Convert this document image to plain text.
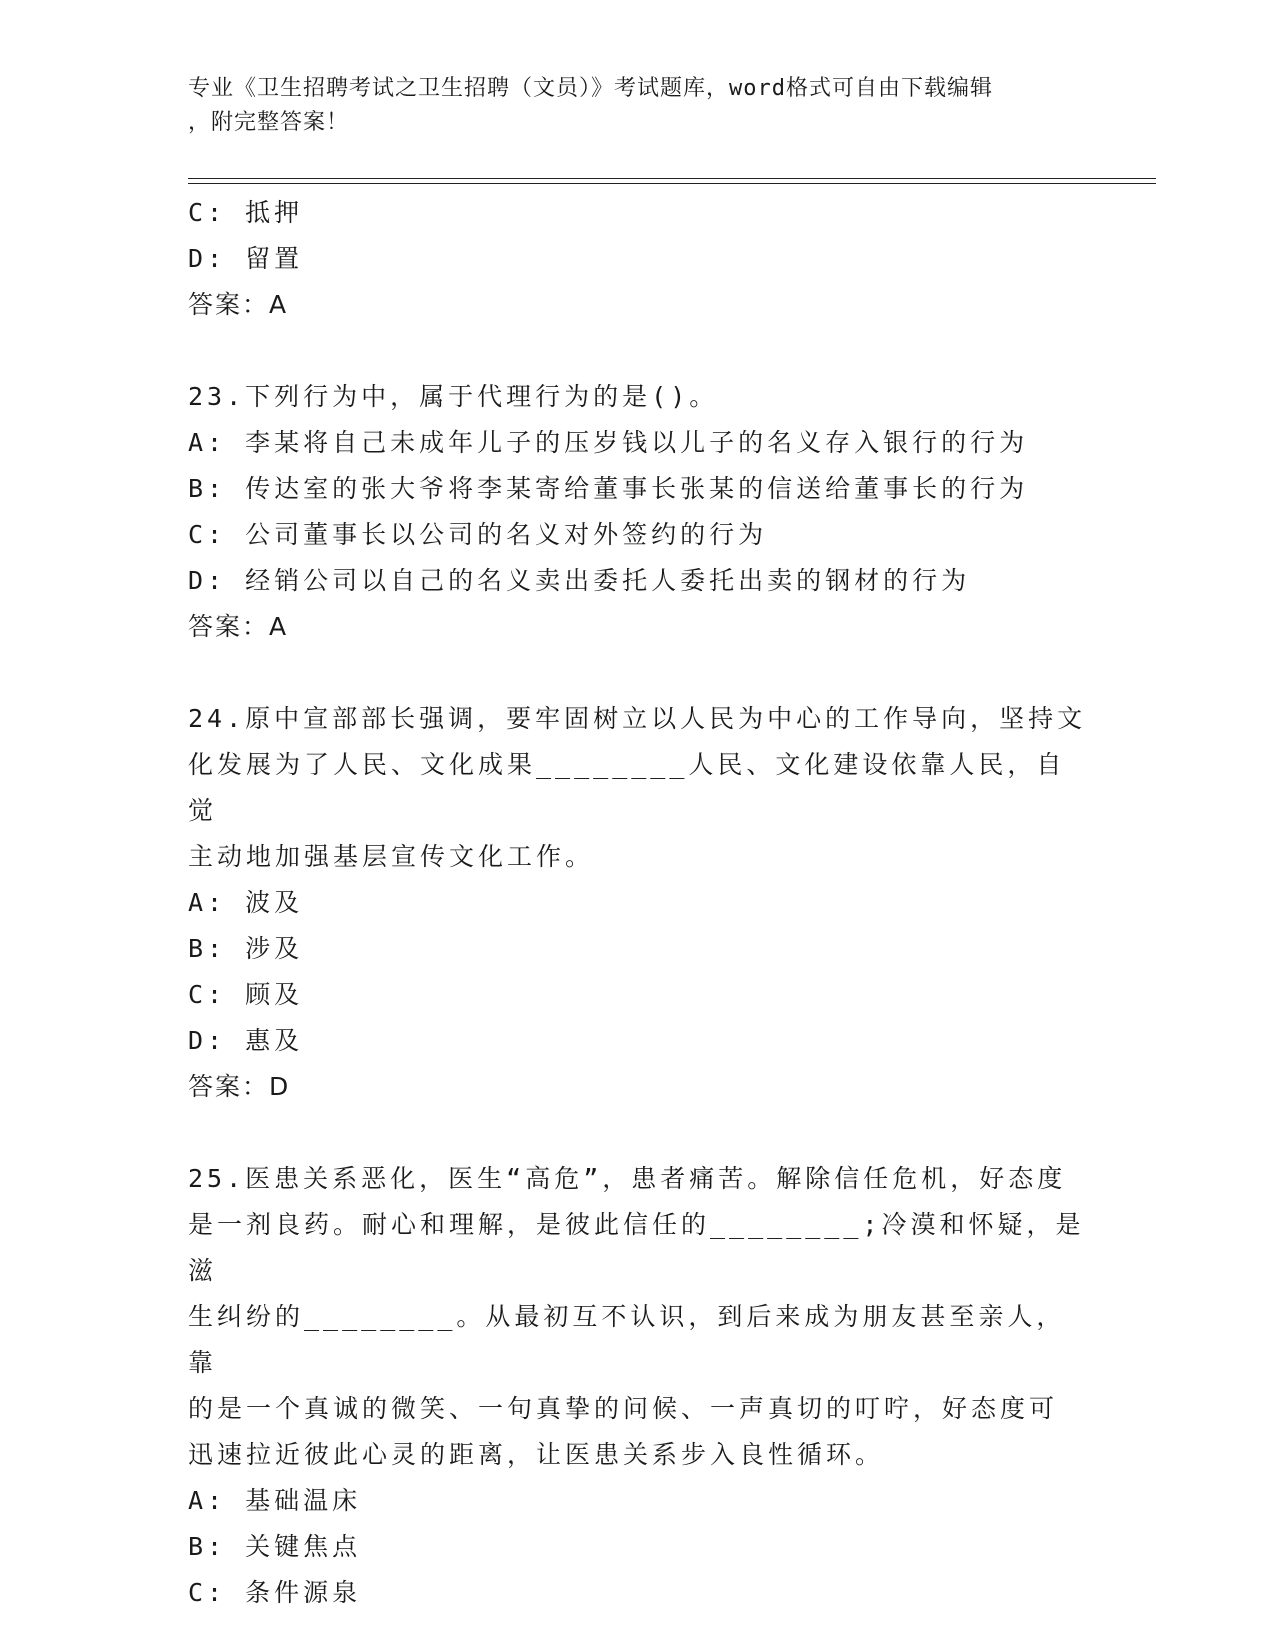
专业《卫生招聘考试之卫生招聘（文员）》考试题库，word格式可自由下载编辑
，附完整答案！
C: 抵押
D: 留置
答案：A
23.下列行为中，属于代理行为的是()。
A: 李某将自己未成年儿子的压岁钱以儿子的名义存入银行的行为
B: 传达室的张大爷将李某寄给董事长张某的信送给董事长的行为
C: 公司董事长以公司的名义对外签约的行为
D: 经销公司以自己的名义卖出委托人委托出卖的钢材的行为
答案：A
24.原中宣部部长强调，要牢固树立以人民为中心的工作导向，坚持文
化发展为了人民、文化成果________人民、文化建设依靠人民，自觉
主动地加强基层宣传文化工作。
A: 波及
B: 涉及
C: 顾及
D: 惠及
答案：D
25.医患关系恶化，医生“高危”，患者痛苦。解除信任危机，好态度
是一剂良药。耐心和理解，是彼此信任的________;冷漠和怀疑，是滋
生纠纷的________。从最初互不认识，到后来成为朋友甚至亲人，靠
的是一个真诚的微笑、一句真挚的问候、一声真切的叮咛，好态度可
迅速拉近彼此心灵的距离，让医患关系步入良性循环。
A: 基础温床
B: 关键焦点
C: 条件源泉
